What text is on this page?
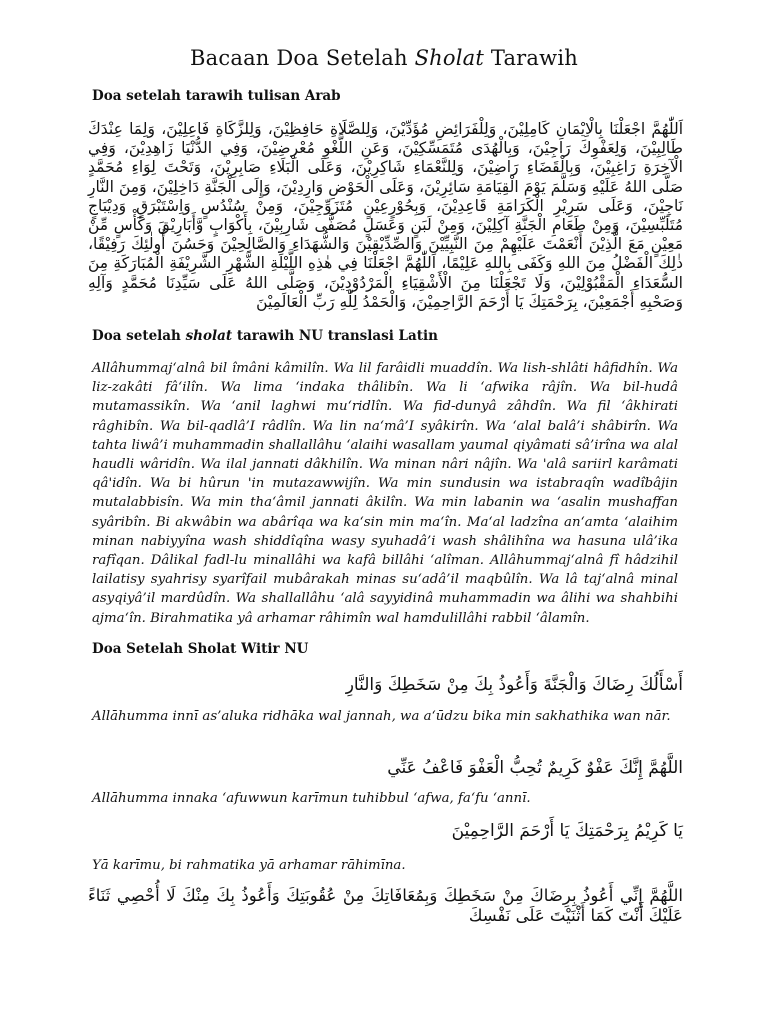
Bacaan Doa Setelah Sholat Tarawih
Doa setelah tarawih tulisan Arab
اَللّٰهُمَّ اجْعَلْنَا بِالْاِيْمَانِ كَامِلِيْنَ، وَلِلْفَرَائِضِ مُؤَدِّيْنَ، وَلِلصَّلَاةِ حَافِظِيْنَ، وَلِلزَّكَاةِ فَاعِلِيْنَ، وَلِمَا عِنْدَكَ طَالِبِيْنَ، وَلِعَفْوِكَ رَاجِيْنَ، وَبِالْهُدَى مُتَمَسِّكِيْنَ، وَعَنِ اللَّغْوِ مُعْرِضِيْنَ، وَفِي الدُّنْيَا زَاهِدِيْنَ، وَفِي الْآخِرَةِ رَاغِبِيْنَ، وَبِالْقَضَاءِ رَاضِيْنَ، وَلِلنَّعْمَاءِ شَاكِرِيْنَ، وَعَلَى الْبَلَاءِ صَابِرِيْنَ، وَتَحْتَ لِوَاءِ مُحَمَّدٍ صَلَّى اللهُ عَلَيْهِ وَسَلَّمَ يَوْمَ الْقِيَامَةِ سَائِرِيْنَ، وَعَلَى الْحَوْضِ وَارِدِيْنَ، وَإِلَى الْجَنَّةِ دَاخِلِيْنَ، وَمِنَ النَّارِ نَاجِيْنَ، وَعَلَى سَرِيْرِ الْكَرَامَةِ قَاعِدِيْنَ، وَبِحُوْرٍعِيْنٍ مُتَزَوِّجِيْنَ، وَمِنْ سُنْدُسٍ وَاِسْتَبْرَقٍ وَدِيْبَاجٍ مُتَلَبِّسِيْنَ، وَمِنْ طَعَامِ الْجَنَّةِ آكِلِيْنَ، وَمِنْ لَبَنٍ وَعَسَلٍ مُصَفًّى شَارِبِيْنَ، بِأَكْوَابٍ وَّأَبَارِيْقَ وَكَأْسٍ مِّنْ مَعِيْنٍ مَعَ الَّذِيْنَ أَنْعَمْتَ عَلَيْهِمْ مِنَ النَّبِيِّيْنَ وَالصِّدِّيْقِيْنَ وَالشُّهَدَاءِ وَالصَّالِحِيْنَ وَحَسُنَ أُولٰئِكَ رَفِيْقًا، ذٰلِكَ الْفَضْلُ مِنَ اللهِ وَكَفَى بِاللهِ عَلِيْمًا، اَللّٰهُمَّ اجْعَلْنَا فِي هٰذِهِ اللَّيْلَةِ الشَّهْرِ الشَّرِيْفَةِ الْمُبَارَكَةِ مِنَ السُّعَدَاءِ الْمَقْبُوْلِيْنَ، وَلَا تَجْعَلْنَا مِنَ الْأَشْقِيَاءِ الْمَرْدُوْدِيْنَ، وَصَلَّى اللهُ عَلَى سَيِّدِنَا مُحَمَّدٍ وَآلِهِ وَصَحْبِهِ أَجْمَعِيْنَ، بِرَحْمَتِكَ يَا أَرْحَمَ الرَّاحِمِيْنَ، وَالْحَمْدُ لِلّٰهِ رَبِّ الْعَالَمِيْنَ
Doa setelah sholat tarawih NU translasi Latin
Allâhummaj‘alnâ bil îmâni kâmilîn. Wa lil farâidli muaddîn. Wa lish-shlâti hâfidhîn. Wa liz-zakâti fâ‘ilîn. Wa lima ‘indaka thâlibîn. Wa li ‘afwika râjîn. Wa bil-hudâ mutamassikîn. Wa ‘anil laghwi mu‘ridlîn. Wa fid-dunyâ zâhdîn. Wa fil ‘âkhirati râghibîn. Wa bil-qadlâ’I râdlîn. Wa lin na‘mâ’I syâkirîn. Wa ‘alal balâ’i shâbirîn. Wa tahta liwâ’i muhammadin shallallâhu ‘alaihi wasallam yaumal qiyâmati sâ’irîna wa alal haudli wâridîn. Wa ilal jannati dâkhilîn. Wa minan nâri nâjîn. Wa 'alâ sariirl karâmati qâ'idîn. Wa bi hûrun 'in mutazawwijîn. Wa min sundusin wa istabraqîn wadîbâjin mutalabbisîn. Wa min tha‘âmil jannati âkilîn. Wa min labanin wa ‘asalin mushaffan syâribîn. Bi akwâbin wa abârîqa wa ka‘sin min ma‘în. Ma‘al ladzîna an‘amta ‘alaihim minan nabiyyîna wash shiddîqîna wasy syuhadâ’i wash shâlihîna wa hasuna ulâ’ika rafîqan. Dâlikal fadl-lu minallâhi wa kafâ billâhi ‘alîman. Allâhummaj‘alnâ fî hâdzihil lailatisy syahrisy syarîfail mubârakah minas su‘adâ’il maqbûlîn. Wa lâ taj‘alnâ minal asyqiyâ’il mardûdîn. Wa shallallâhu ‘alâ sayyidinâ muhammadin wa âlihi wa shahbihi ajma‘în. Birahmatika yâ arhamar râhimîn wal hamdulillâhi rabbil ‘âlamîn.
Doa Setelah Sholat Witir NU
أَسْأَلُكَ رِضَاكَ وَالْجَنَّةَ وَأَعُوذُ بِكَ مِنْ سَخَطِكَ وَالنَّارِ
Allāhumma innī as’aluka ridhāka wal jannah, wa a‘ūdzu bika min sakhathika wan nār.
اللَّهُمَّ إِنَّكَ عَفْوٌ كَرِيمٌ تُحِبُّ الْعَفْوَ فَاعْفُ عَنِّي
Allāhumma innaka ‘afuwwun karīmun tuhibbul ‘afwa, fa‘fu ‘annī.
يَا كَرِيْمُ بِرَحْمَتِكَ يَا أَرْحَمَ الرَّاحِمِيْنَ
Yā karīmu, bi rahmatika yā arhamar rāhimīna.
اللَّهُمَّ إِنِّي أَعُوذُ بِرِضَاكَ مِنْ سَخَطِكَ وَبِمُعَافَاتِكَ مِنْ عُقُوبَتِكَ وَأَعُوذُ بِكَ مِنْكَ لَا أُحْصِي ثَنَاءً عَلَيْكَ أَنْتَ كَمَا أَثْنَيْتَ عَلَى نَفْسِكَ
